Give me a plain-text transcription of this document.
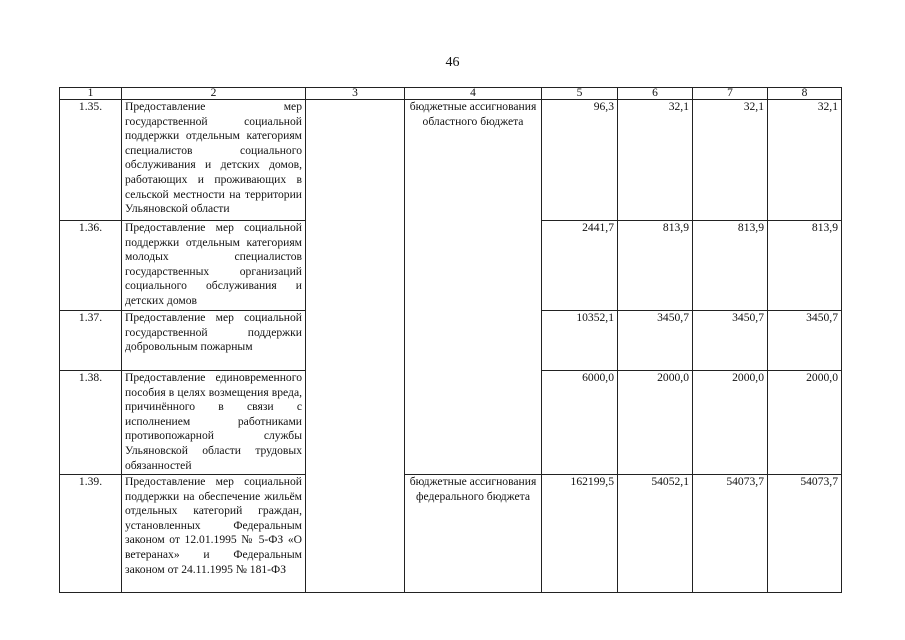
46
1	2	3	4	5	6	7	8
1.35.	Предоставление мер государственной социальной поддержки отдельным категориям специалистов социального обслуживания и детских домов, работающих и проживающих в сельской местности на территории Ульяновской области		бюджетные ассигнования областного бюджета	96,3	32,1	32,1	32,1
1.36.	Предоставление мер социальной поддержки отдельным категориям молодых специалистов государственных организаций социального обслуживания и детских домов			2441,7	813,9	813,9	813,9
1.37.	Предоставление мер социальной государственной поддержки добровольным пожарным			10352,1	3450,7	3450,7	3450,7
1.38.	Предоставление единовременного пособия в целях возмещения вреда, причинённого в связи с исполнением работниками противопожарной службы Ульяновской области трудовых обязанностей			6000,0	2000,0	2000,0	2000,0
1.39.	Предоставление мер социальной поддержки на обеспечение жильём отдельных категорий граждан, установленных Федеральным законом от 12.01.1995 № 5-ФЗ «О ветеранах» и Федеральным законом от 24.11.1995 № 181-ФЗ		бюджетные ассигнования федерального бюджета	162199,5	54052,1	54073,7	54073,7
